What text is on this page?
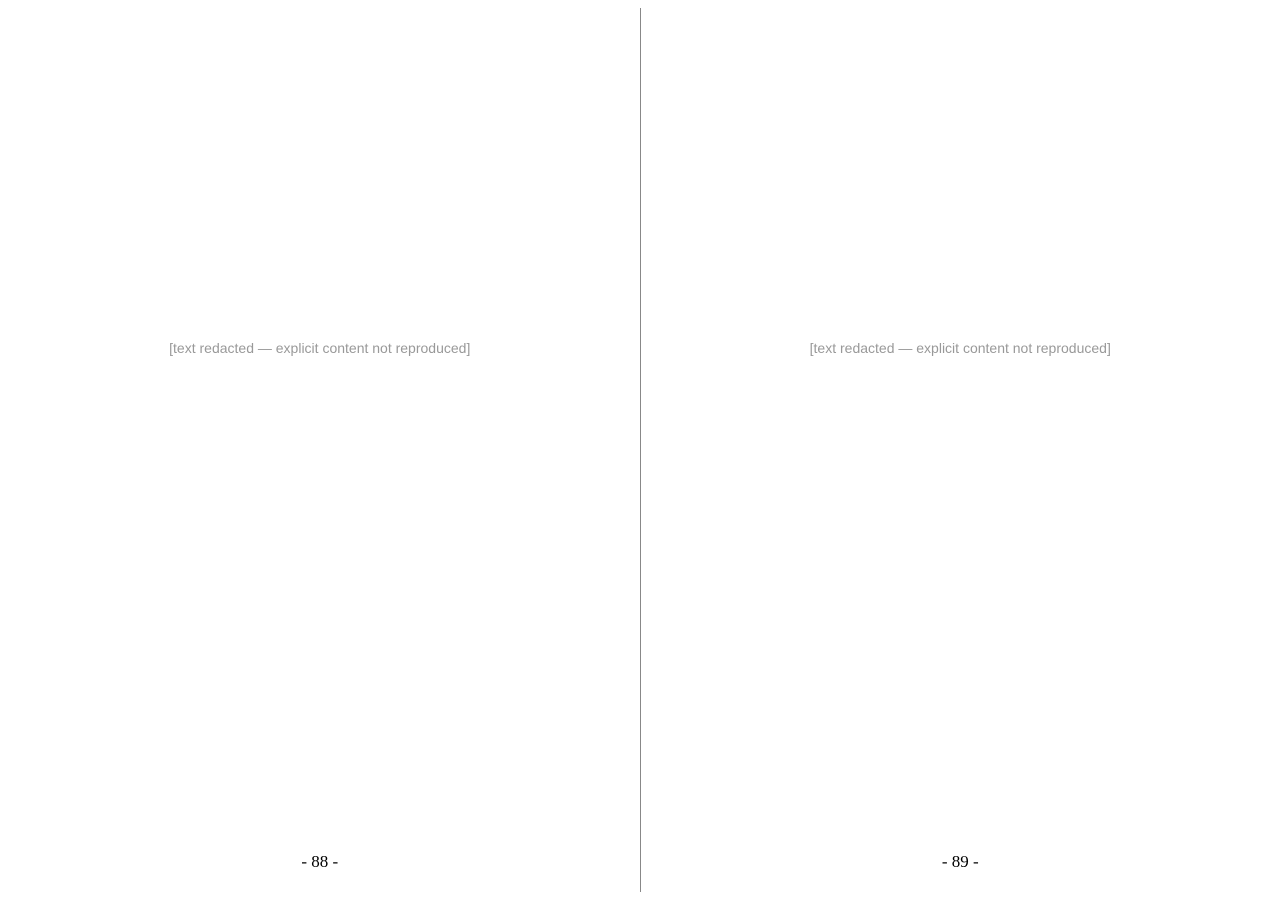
[text redacted — explicit content not reproduced]
- 88 -
[text redacted — explicit content not reproduced]
- 89 -
